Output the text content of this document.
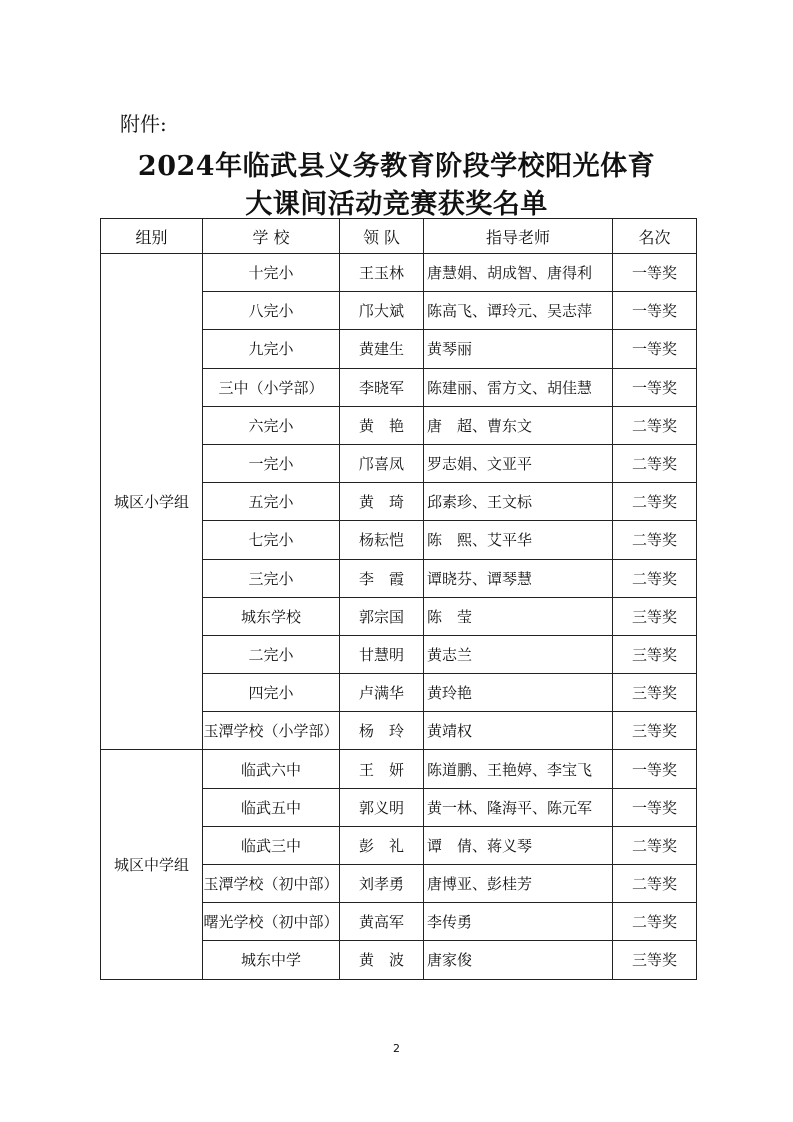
附件:
2024年临武县义务教育阶段学校阳光体育
大课间活动竞赛获奖名单
组别	学 校	领 队	指导老师	名次
城区小学组	十完小	王玉林	唐慧娟、胡成智、唐得利	一等奖
	八完小	邝大斌	陈高飞、谭玲元、吴志萍	一等奖
	九完小	黄建生	黄琴丽	一等奖
	三中（小学部）	李晓军	陈建丽、雷方文、胡佳慧	一等奖
	六完小	黄　艳	唐　超、曹东文	二等奖
	一完小	邝喜凤	罗志娟、文亚平	二等奖
	五完小	黄　琦	邱素珍、王文标	二等奖
	七完小	杨耘恺	陈　熙、艾平华	二等奖
	三完小	李　霞	谭晓芬、谭琴慧	二等奖
	城东学校	郭宗国	陈　莹	三等奖
	二完小	甘慧明	黄志兰	三等奖
	四完小	卢满华	黄玲艳	三等奖
	玉潭学校（小学部）	杨　玲	黄靖权	三等奖
城区中学组	临武六中	王　妍	陈道鹏、王艳婷、李宝飞	一等奖
	临武五中	郭义明	黄一林、隆海平、陈元军	一等奖
	临武三中	彭　礼	谭　倩、蒋义琴	二等奖
	玉潭学校（初中部）	刘孝勇	唐博亚、彭桂芳	二等奖
	曙光学校（初中部）	黄高军	李传勇	二等奖
	城东中学	黄　波	唐家俊	三等奖
2
